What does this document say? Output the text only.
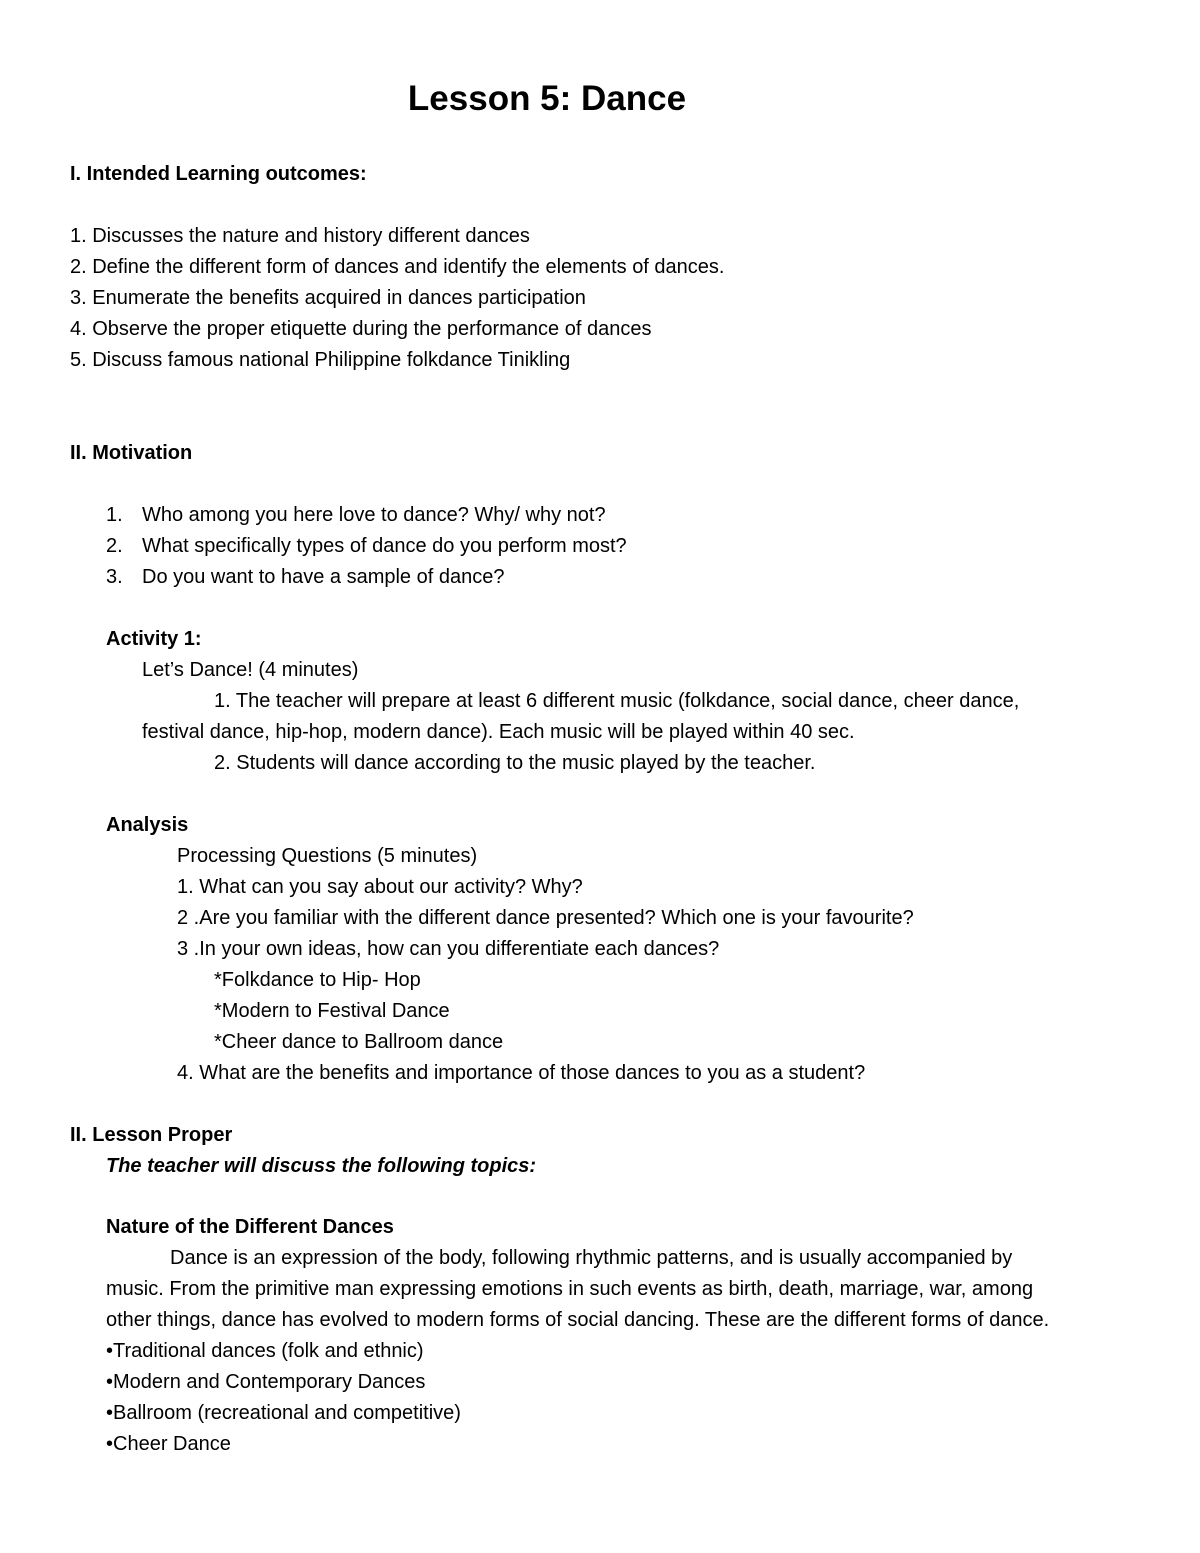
Lesson 5: Dance

I. Intended Learning outcomes:

1. Discusses the nature and history different dances

2. Define the different form of dances and identify the elements of dances.

3. Enumerate the benefits acquired in dances participation

4. Observe the proper etiquette during the performance of dances

5. Discuss famous national Philippine folkdance Tinikling

II. Motivation

1. Who among you here love to dance? Why/ why not?

2. What specifically types of dance do you perform most?

3. Do you want to have a sample of dance?

Activity 1:

Let’s Dance! (4 minutes)

1. The teacher will prepare at least 6 different music (folkdance, social dance, cheer dance,

festival dance, hip-hop, modern dance). Each music will be played within 40 sec.

2. Students will dance according to the music played by the teacher.

Analysis

Processing Questions (5 minutes)

1. What can you say about our activity? Why?

2 .Are you familiar with the different dance presented? Which one is your favourite?

3 .In your own ideas, how can you differentiate each dances?

*Folkdance to Hip- Hop

*Modern to Festival Dance

*Cheer dance to Ballroom dance

4. What are the benefits and importance of those dances to you as a student?

II. Lesson Proper

The teacher will discuss the following topics:

Nature of the Different Dances

Dance is an expression of the body, following rhythmic patterns, and is usually accompanied by

music. From the primitive man expressing emotions in such events as birth, death, marriage, war, among

other things, dance has evolved to modern forms of social dancing. These are the different forms of dance.

•Traditional dances (folk and ethnic)

•Modern and Contemporary Dances

•Ballroom (recreational and competitive)

•Cheer Dance
